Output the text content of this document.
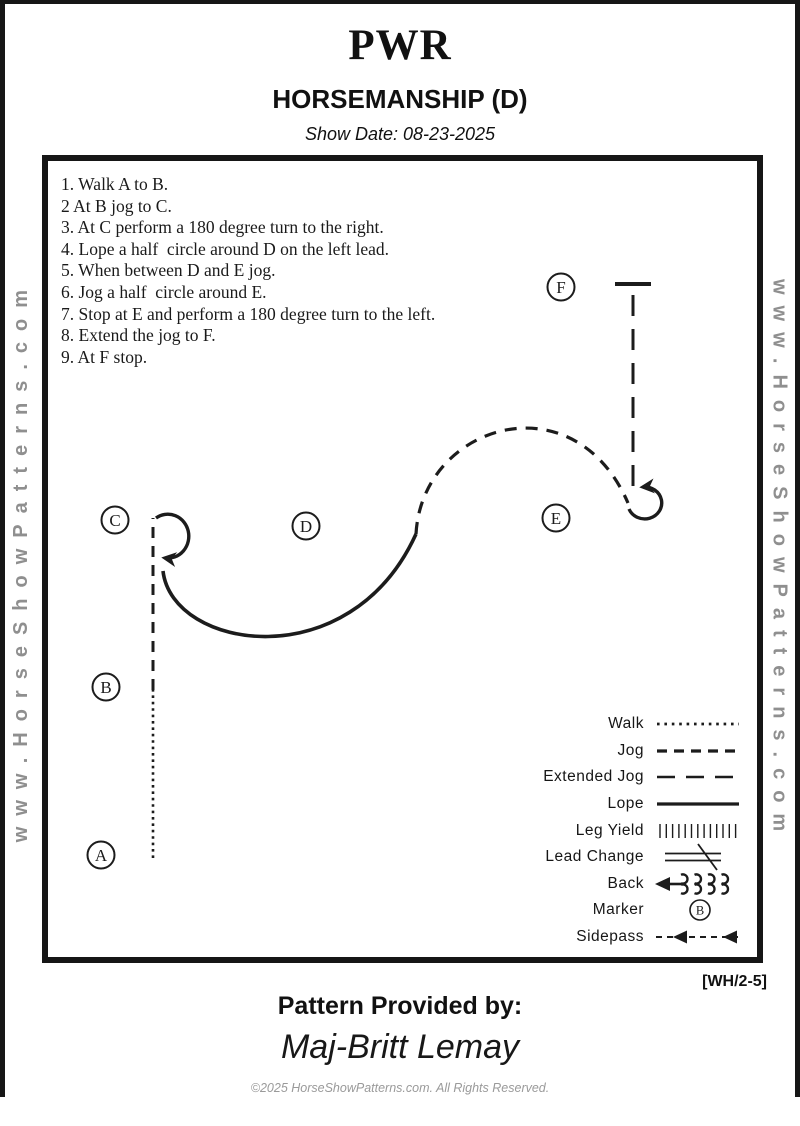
PWR
HORSEMANSHIP (D)
Show Date: 08-23-2025
www.HorseShowPatterns.com	www.HorseShowPatterns.com
A
B
C	D	E
F
1. Walk A to B.
2 At B jog to C.
3. At C perform a 180 degree turn to the right.
4. Lope a half  circle around D on the left lead.
5. When between D and E jog.
6. Jog a half  circle around E.
7. Stop at E and perform a 180 degree turn to the left.
8. Extend the jog to F.
9. At F stop.
Walk
Jog
Extended Jog
Lope
Leg Yield
Lead Change
Back
Marker	B
Sidepass
[WH/2-5]
Pattern Provided by:
Maj-Britt Lemay
©2025 HorseShowPatterns.com. All Rights Reserved.
